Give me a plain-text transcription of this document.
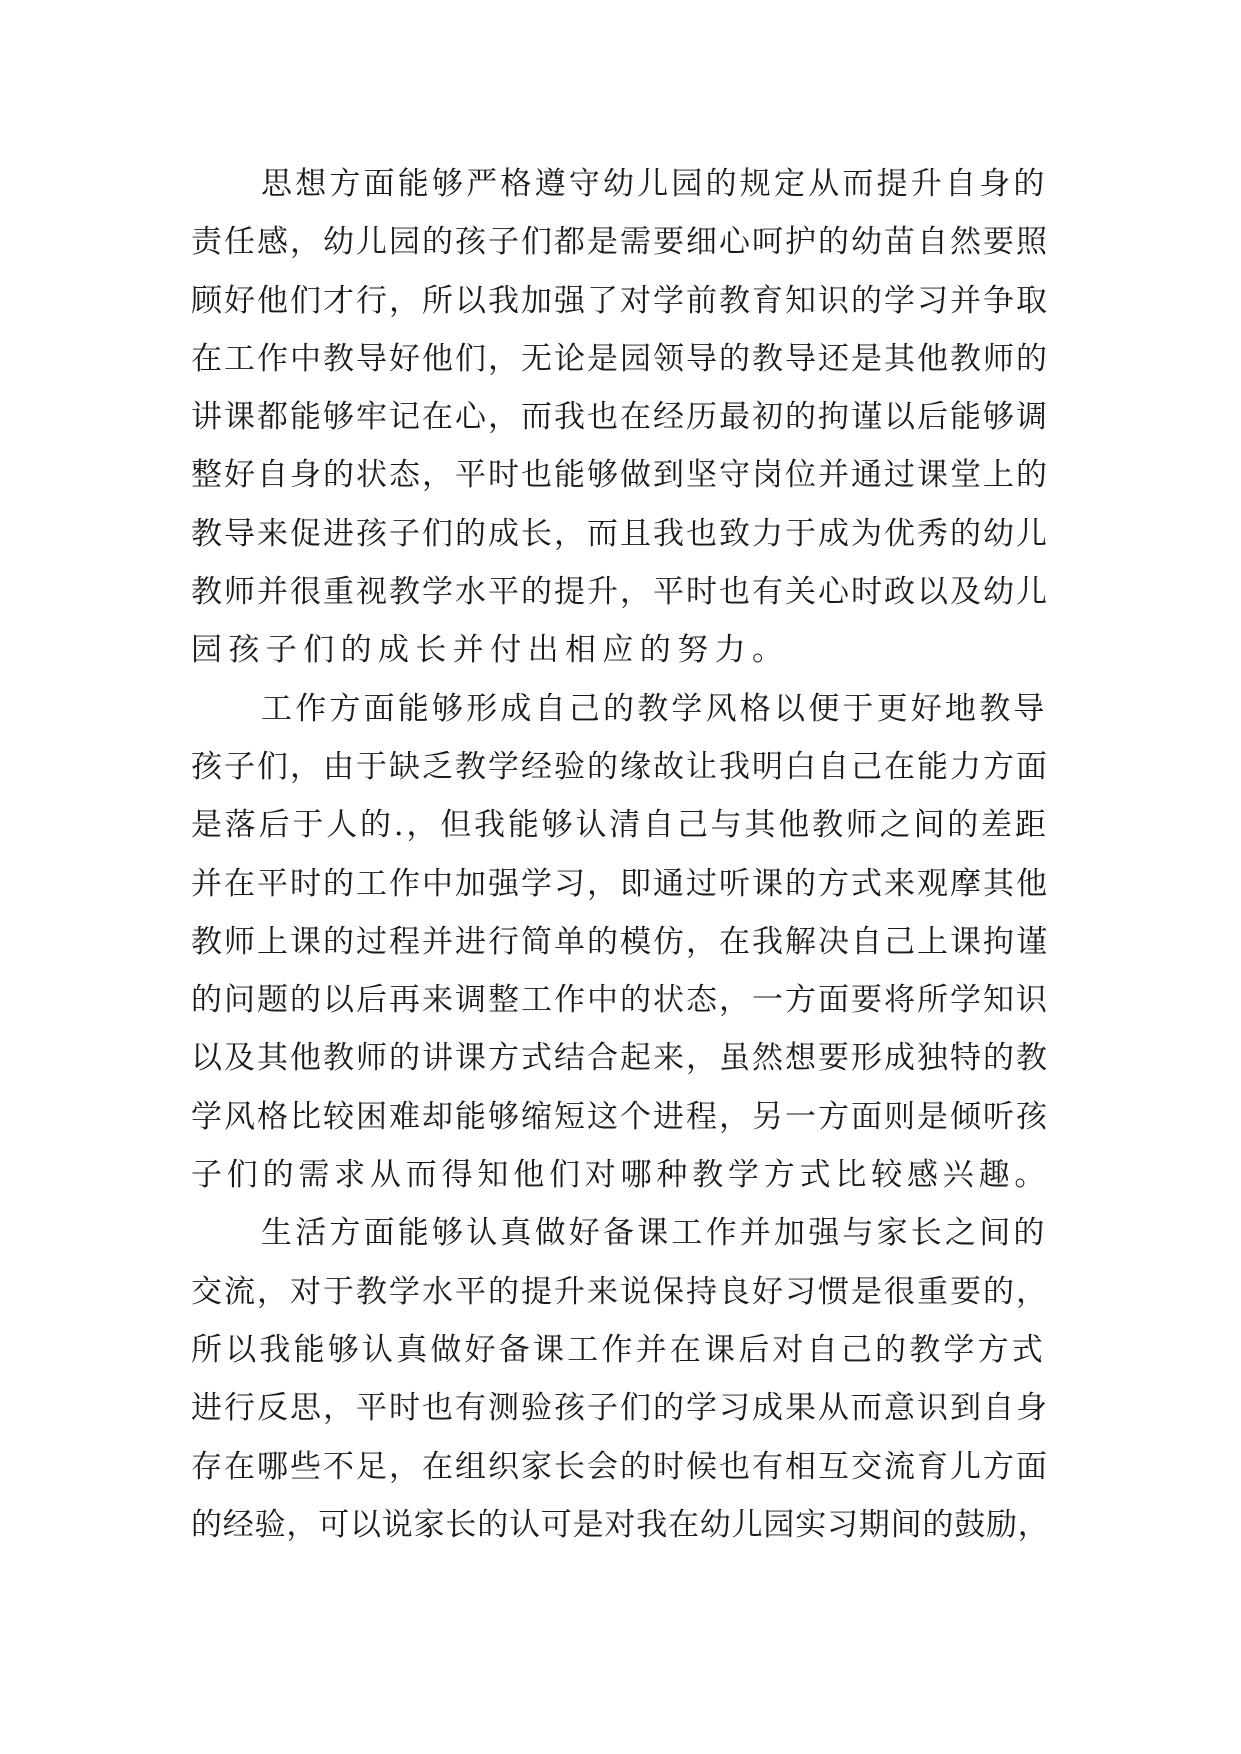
思想方面能够严格遵守幼儿园的规定从而提升自身的
责任感，幼儿园的孩子们都是需要细心呵护的幼苗自然要照
顾好他们才行，所以我加强了对学前教育知识的学习并争取
在工作中教导好他们，无论是园领导的教导还是其他教师的
讲课都能够牢记在心，而我也在经历最初的拘谨以后能够调
整好自身的状态，平时也能够做到坚守岗位并通过课堂上的
教导来促进孩子们的成长，而且我也致力于成为优秀的幼儿
教师并很重视教学水平的提升，平时也有关心时政以及幼儿
园孩子们的成长并付出相应的努力。
工作方面能够形成自己的教学风格以便于更好地教导
孩子们，由于缺乏教学经验的缘故让我明白自己在能力方面
是落后于人的.，但我能够认清自己与其他教师之间的差距
并在平时的工作中加强学习，即通过听课的方式来观摩其他
教师上课的过程并进行简单的模仿，在我解决自己上课拘谨
的问题的以后再来调整工作中的状态，一方面要将所学知识
以及其他教师的讲课方式结合起来，虽然想要形成独特的教
学风格比较困难却能够缩短这个进程，另一方面则是倾听孩
子们的需求从而得知他们对哪种教学方式比较感兴趣。
生活方面能够认真做好备课工作并加强与家长之间的
交流，对于教学水平的提升来说保持良好习惯是很重要的，
所以我能够认真做好备课工作并在课后对自己的教学方式
进行反思，平时也有测验孩子们的学习成果从而意识到自身
存在哪些不足，在组织家长会的时候也有相互交流育儿方面
的经验，可以说家长的认可是对我在幼儿园实习期间的鼓励，
